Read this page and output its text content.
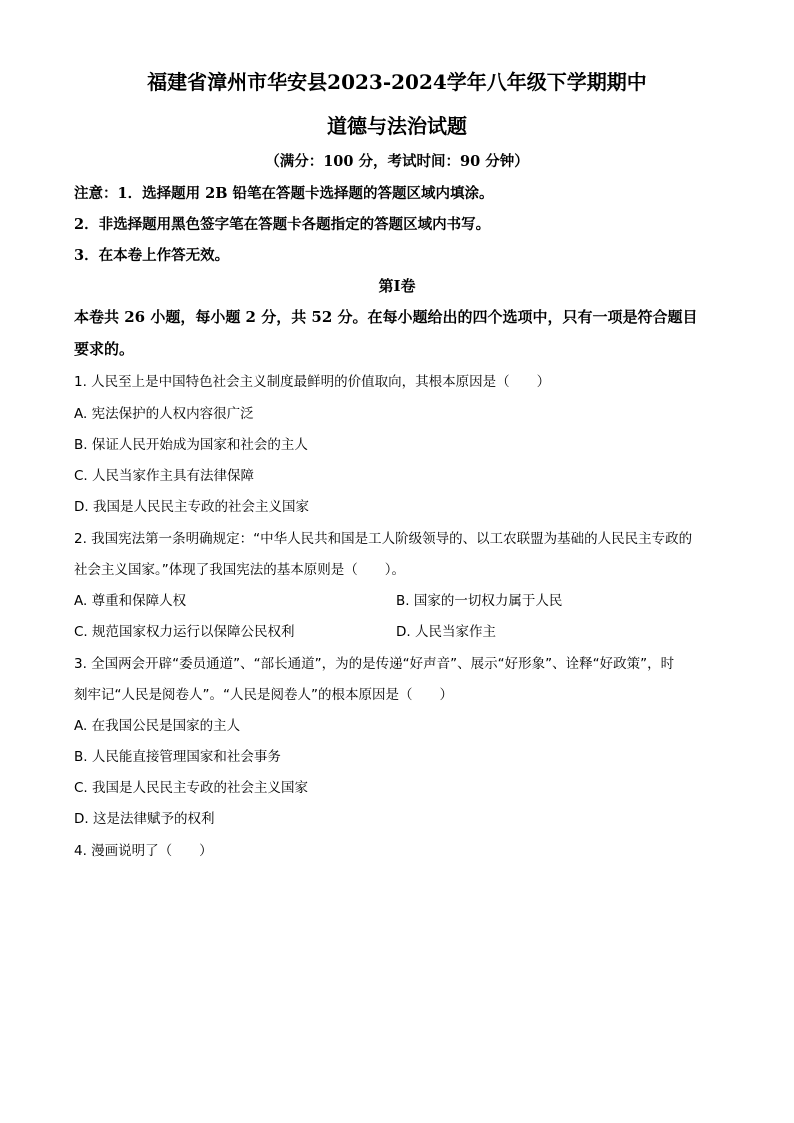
福建省漳州市华安县2023-2024学年八年级下学期期中
道德与法治试题
（满分：100 分，考试时间：90 分钟）
注意：1．选择题用 2B 铅笔在答题卡选择题的答题区域内填涂。
2．非选择题用黑色签字笔在答题卡各题指定的答题区域内书写。
3．在本卷上作答无效。
第Ⅰ卷
本卷共 26 小题，每小题 2 分，共 52 分。在每小题给出的四个选项中，只有一项是符合题目
要求的。
1. 人民至上是中国特色社会主义制度最鲜明的价值取向，其根本原因是（　　）
A. 宪法保护的人权内容很广泛
B. 保证人民开始成为国家和社会的主人
C. 人民当家作主具有法律保障
D. 我国是人民民主专政的社会主义国家
2. 我国宪法第一条明确规定：“中华人民共和国是工人阶级领导的、以工农联盟为基础的人民民主专政的
社会主义国家。”体现了我国宪法的基本原则是（　　）。
A. 尊重和保障人权	B. 国家的一切权力属于人民
C. 规范国家权力运行以保障公民权利	D. 人民当家作主
3. 全国两会开辟“委员通道”、“部长通道”，为的是传递“好声音”、展示“好形象”、诠释“好政策”，时
刻牢记“人民是阅卷人”。“人民是阅卷人”的根本原因是（　　）
A. 在我国公民是国家的主人
B. 人民能直接管理国家和社会事务
C. 我国是人民民主专政的社会主义国家
D. 这是法律赋予的权利
4. 漫画说明了（　　）
